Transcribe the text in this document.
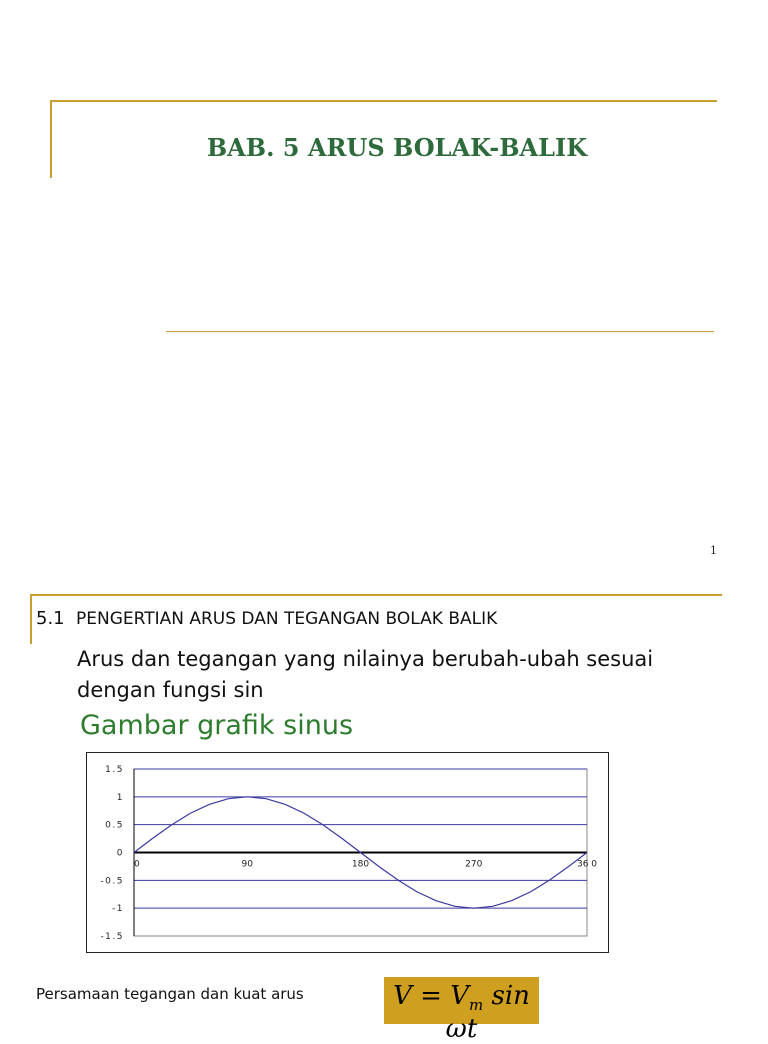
BAB. 5 ARUS BOLAK-BALIK
1
5.1 PENGERTIAN ARUS DAN TEGANGAN BOLAK BALIK
Arus dan tegangan yang nilainya berubah-ubah sesuai
dengan fungsi sin
Gambar grafik sinus
1.5
1
0.5
0
-0.5
-1
-1.5
0	90	180	270	36 0
Persamaan tegangan dan kuat arus	$V = V_m$ sin ωt
